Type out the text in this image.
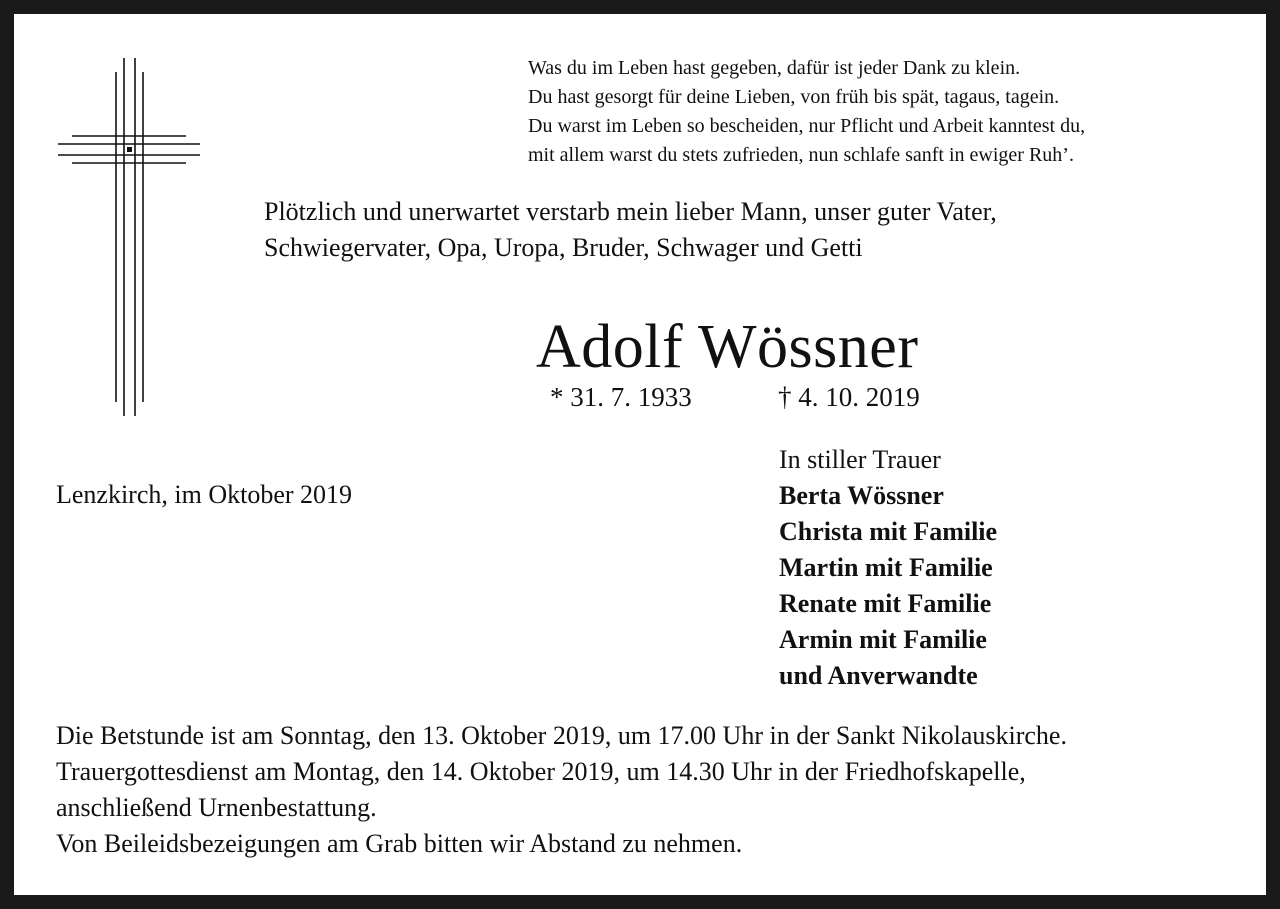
Was du im Leben hast gegeben, dafür ist jeder Dank zu klein.
Du hast gesorgt für deine Lieben, von früh bis spät, tagaus, tagein.
Du warst im Leben so bescheiden, nur Pflicht und Arbeit kanntest du,
mit allem warst du stets zufrieden, nun schlafe sanft in ewiger Ruh’.
Plötzlich und unerwartet verstarb mein lieber Mann, unser guter Vater,
Schwiegervater, Opa, Uropa, Bruder, Schwager und Getti
Adolf Wössner
* 31. 7. 1933	† 4. 10. 2019
Lenzkirch, im Oktober 2019
In stiller Trauer
Berta Wössner
Christa mit Familie
Martin mit Familie
Renate mit Familie
Armin mit Familie
und Anverwandte
Die Betstunde ist am Sonntag, den 13. Oktober 2019, um 17.00 Uhr in der Sankt Nikolauskirche.
Trauergottesdienst am Montag, den 14. Oktober 2019, um 14.30 Uhr in der Friedhofskapelle,
anschließend Urnenbestattung.
Von Beileidsbezeigungen am Grab bitten wir Abstand zu nehmen.
